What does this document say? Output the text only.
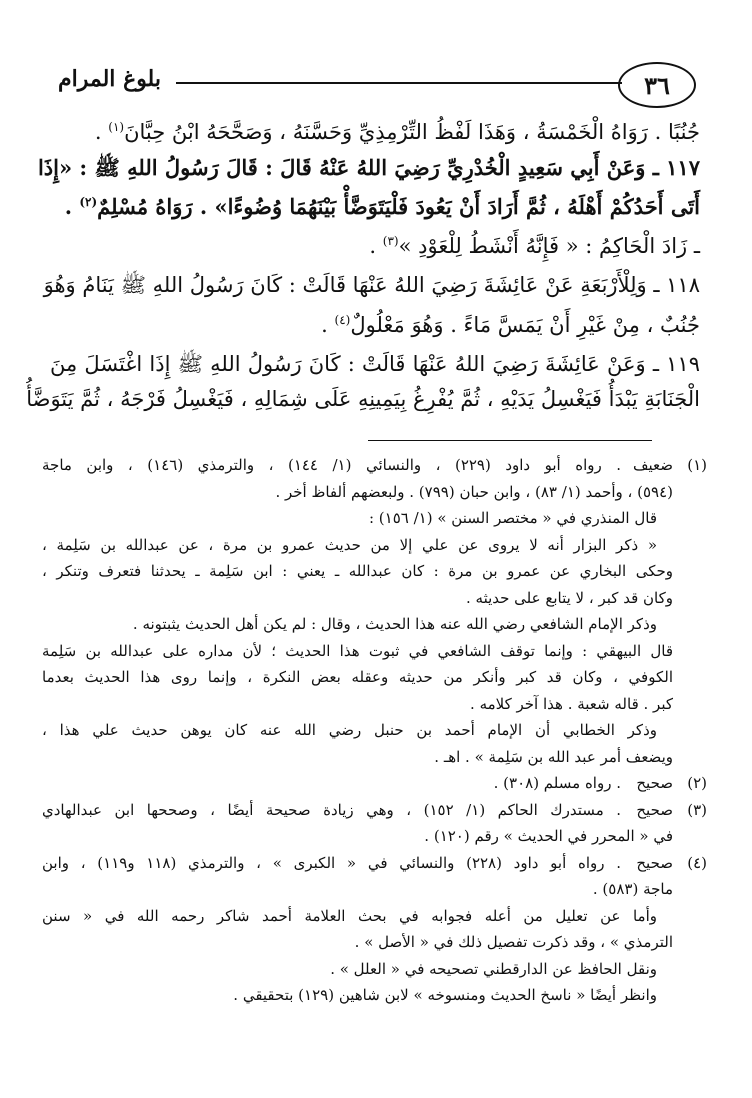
٣٦
بلوغ المرام
جُنُبًا . رَوَاهُ الْخَمْسَةُ ، وَهَذَا لَفْظُ التِّرْمِذِيِّ وَحَسَّنَهُ ، وَصَحَّحَهُ ابْنُ حِبَّانَ$^{(١)}$ .
١١٧ ـ وَعَنْ أَبِي سَعِيدٍ الْخُدْرِيِّ رَضِيَ اللهُ عَنْهُ قَالَ : قَالَ رَسُولُ اللهِ ﷺ : «إِذَا
أَتَى أَحَدُكُمْ أَهْلَهُ ، ثُمَّ أَرَادَ أَنْ يَعُودَ فَلْيَتَوَضَّأْ بَيْنَهُمَا وُضُوءًا» . رَوَاهُ مُسْلِمٌ$^{(٢)}$ .
ـ زَادَ الْحَاكِمُ : « فَإِنَّهُ أَنْشَطُ لِلْعَوْدِ »$^{(٣)}$ .
١١٨ ـ وَلِلْأَرْبَعَةِ عَنْ عَائِشَةَ رَضِيَ اللهُ عَنْهَا قَالَتْ : كَانَ رَسُولُ اللهِ ﷺ يَنَامُ وَهُوَ
جُنُبٌ ، مِنْ غَيْرِ أَنْ يَمَسَّ مَاءً . وَهُوَ مَعْلُولٌ$^{(٤)}$ .
١١٩ ـ وَعَنْ عَائِشَةَ رَضِيَ اللهُ عَنْهَا قَالَتْ : كَانَ رَسُولُ اللهِ ﷺ إِذَا اغْتَسَلَ مِنَ
الْجَنَابَةِ يَبْدَأُ فَيَغْسِلُ يَدَيْهِ ، ثُمَّ يُفْرِغُ بِيَمِينِهِ عَلَى شِمَالِهِ ، فَيَغْسِلُ فَرْجَهُ ، ثُمَّ يَتَوَضَّأُ
(١)
ضعيف
. رواه أبو داود (٢٢٩) ، والنسائي (١/ ١٤٤) ، والترمذي (١٤٦) ، وابن ماجة
(٥٩٤) ، وأحمد (١/ ٨٣) ، وابن حبان (٧٩٩) . ولبعضهم ألفاظ أخر .
قال المنذري في « مختصر السنن » (١/ ١٥٦) :
« ذكر البزار أنه لا يروى عن علي إلا من حديث عمرو بن مرة ، عن عبدالله بن سَلِمة ،
وحكى البخاري عن عمرو بن مرة : كان عبدالله ـ يعني : ابن سَلِمة ـ يحدثنا فتعرف وتنكر ،
وكان قد كبر ، لا يتابع على حديثه .
وذكر الإمام الشافعي رضي الله عنه هذا الحديث ، وقال : لم يكن أهل الحديث يثبتونه .
قال البيهقي : وإنما توقف الشافعي في ثبوت هذا الحديث ؛ لأن مداره على عبدالله بن سَلِمة
الكوفي ، وكان قد كبر وأنكر من حديثه وعقله بعض النكرة ، وإنما روى هذا الحديث بعدما
كبر . قاله شعبة . هذا آخر كلامه .
وذكر الخطابي أن الإمام أحمد بن حنبل رضي الله عنه كان يوهن حديث علي هذا ،
ويضعف أمر عبد الله بن سَلِمة » . اهـ .
(٢)
صحيح
. رواه مسلم (٣٠٨) .
(٣)
صحيح
. مستدرك الحاكم (١/ ١٥٢) ، وهي زيادة صحيحة أيضًا ، وصححها ابن عبدالهادي
في « المحرر في الحديث » رقم (١٢٠) .
(٤)
صحيح
. رواه أبو داود (٢٢٨) والنسائي في « الكبرى » ، والترمذي (١١٨ و١١٩) ، وابن
ماجة (٥٨٣) .
وأما عن تعليل من أعله فجوابه في بحث العلامة أحمد شاكر رحمه الله في « سنن
الترمذي » ، وقد ذكرت تفصيل ذلك في « الأصل » .
ونقل الحافظ عن الدارقطني تصحيحه في « العلل » .
وانظر أيضًا « ناسخ الحديث ومنسوخه » لابن شاهين (١٢٩) بتحقيقي .
